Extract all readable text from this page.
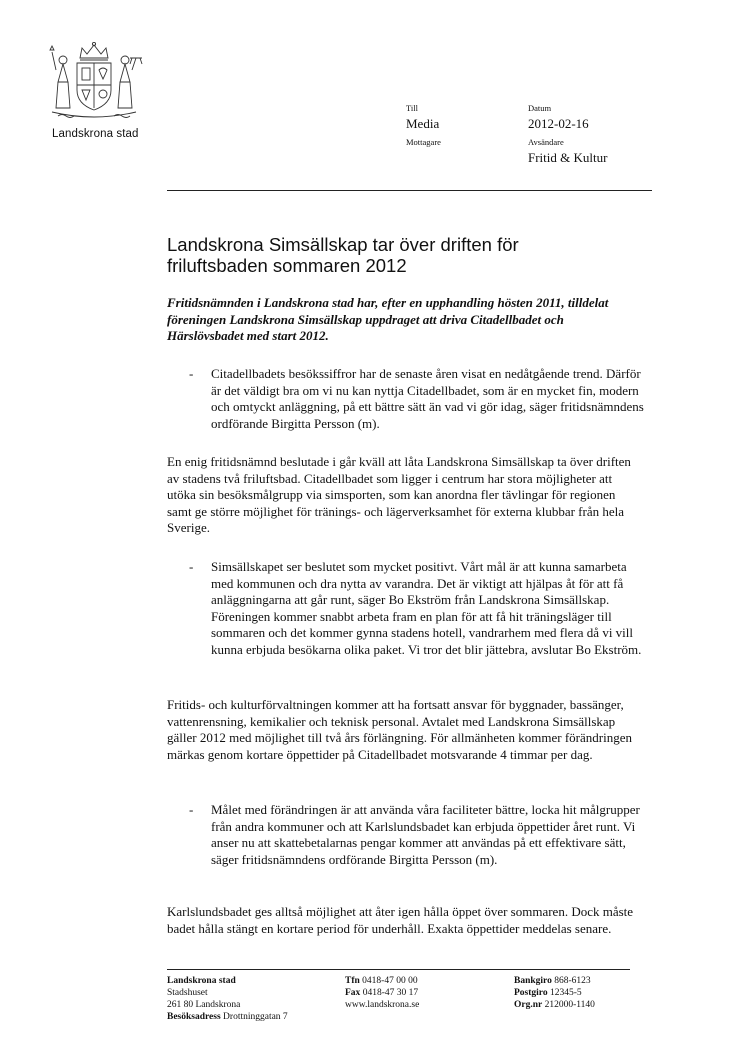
Landskrona stad
Till
Media
Mottagare
Datum
2012-02-16
Avsändare
Fritid & Kultur
Landskrona Simsällskap tar över driften för
friluftsbaden sommaren 2012
Fritidsnämnden i Landskrona stad har, efter en upphandling hösten 2011, tilldelat föreningen Landskrona Simsällskap uppdraget att driva Citadellbadet och Härslövsbadet med start 2012.
- Citadellbadets besökssiffror har de senaste åren visat en nedåtgående trend. Därför är det väldigt bra om vi nu kan nyttja Citadellbadet, som är en mycket fin, modern och omtyckt anläggning, på ett bättre sätt än vad vi gör idag, säger fritidsnämndens ordförande Birgitta Persson (m).
En enig fritidsnämnd beslutade i går kväll att låta Landskrona Simsällskap ta över driften av stadens två friluftsbad. Citadellbadet som ligger i centrum har stora möjligheter att utöka sin besöksmålgrupp via simsporten, som kan anordna fler tävlingar för regionen samt ge större möjlighet för tränings- och lägerverksamhet för externa klubbar från hela Sverige.
- Simsällskapet ser beslutet som mycket positivt. Vårt mål är att kunna samarbeta med kommunen och dra nytta av varandra. Det är viktigt att hjälpas åt för att få anläggningarna att går runt, säger Bo Ekström från Landskrona Simsällskap. Föreningen kommer snabbt arbeta fram en plan för att få hit träningsläger till sommaren och det kommer gynna stadens hotell, vandrarhem med flera då vi vill kunna erbjuda besökarna olika paket. Vi tror det blir jättebra, avslutar Bo Ekström.
Fritids- och kulturförvaltningen kommer att ha fortsatt ansvar för byggnader, bassänger, vattenrensning, kemikalier och teknisk personal. Avtalet med Landskrona Simsällskap gäller 2012 med möjlighet till två års förlängning. För allmänheten kommer förändringen märkas genom kortare öppettider på Citadellbadet motsvarande 4 timmar per dag.
- Målet med förändringen är att använda våra faciliteter bättre, locka hit målgrupper från andra kommuner och att Karlslundsbadet kan erbjuda öppettider året runt. Vi anser nu att skattebetalarnas pengar kommer att användas på ett effektivare sätt, säger fritidsnämndens ordförande Birgitta Persson (m).
Karlslundsbadet ges alltså möjlighet att åter igen hålla öppet över sommaren. Dock måste badet hålla stängt en kortare period för underhåll. Exakta öppettider meddelas senare.
Landskrona stad
Stadshuset
261 80 Landskrona
Besöksadress Drottninggatan 7
Tfn 0418-47 00 00
Fax 0418-47 30 17
www.landskrona.se
Bankgiro 868-6123
Postgiro 12345-5
Org.nr 212000-1140
